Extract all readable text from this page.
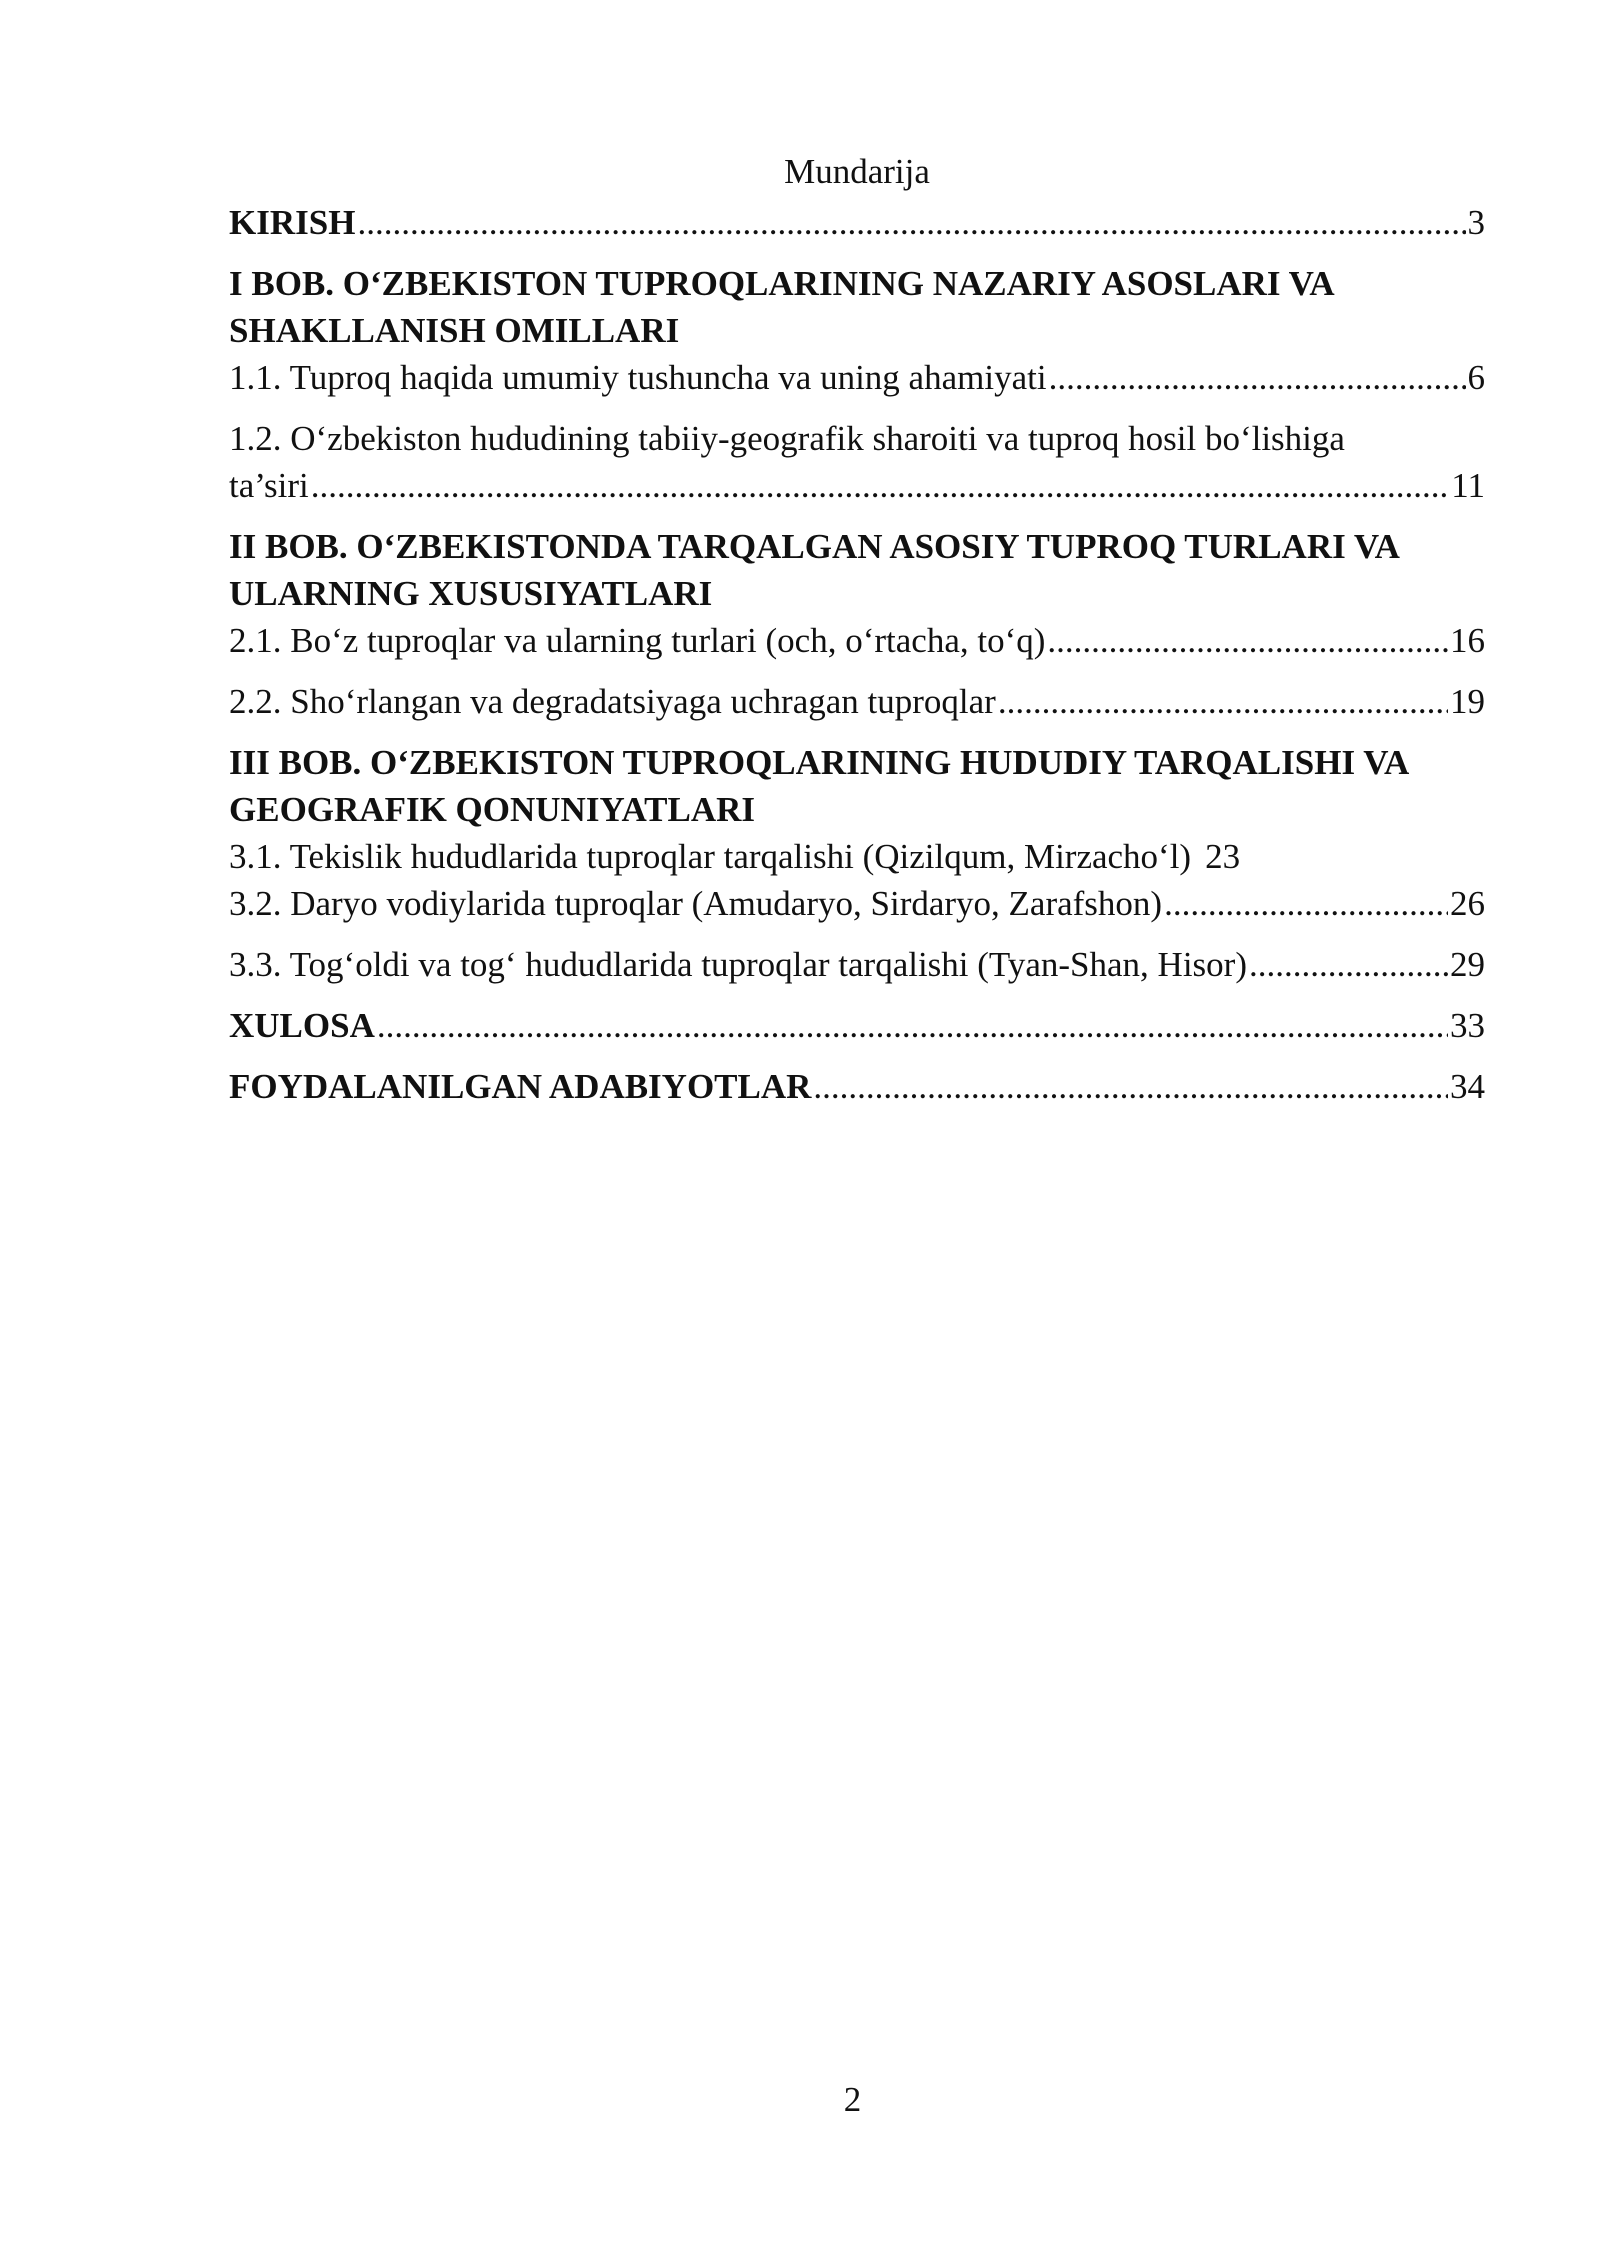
Mundarija
KIRISH .....	3
I BOB. O‘ZBEKISTON TUPROQLARINING NAZARIY ASOSLARI VA SHAKLLANISH OMILLARI
1.1. Tuproq haqida umumiy tushuncha va uning ahamiyati .....	6
1.2. O‘zbekiston hududining tabiiy-geografik sharoiti va tuproq hosil bo‘lishiga
ta’siri .....	11
II BOB. O‘ZBEKISTONDA TARQALGAN ASOSIY TUPROQ TURLARI VA ULARNING XUSUSIYATLARI
2.1. Bo‘z tuproqlar va ularning turlari (och, o‘rtacha, to‘q) .....	16
2.2. Sho‘rlangan va degradatsiyaga uchragan tuproqlar .....	19
III BOB. O‘ZBEKISTON TUPROQLARINING HUDUDIY TARQALISHI VA GEOGRAFIK QONUNIYATLARI
3.1. Tekislik hududlarida tuproqlar tarqalishi (Qizilqum, Mirzacho‘l) 23
3.2. Daryo vodiylarida tuproqlar (Amudaryo, Sirdaryo, Zarafshon) .....	26
3.3. Tog‘oldi va tog‘ hududlarida tuproqlar tarqalishi (Tyan-Shan, Hisor) .....	29
XULOSA .....	33
FOYDALANILGAN ADABIYOTLAR .....	34
2
